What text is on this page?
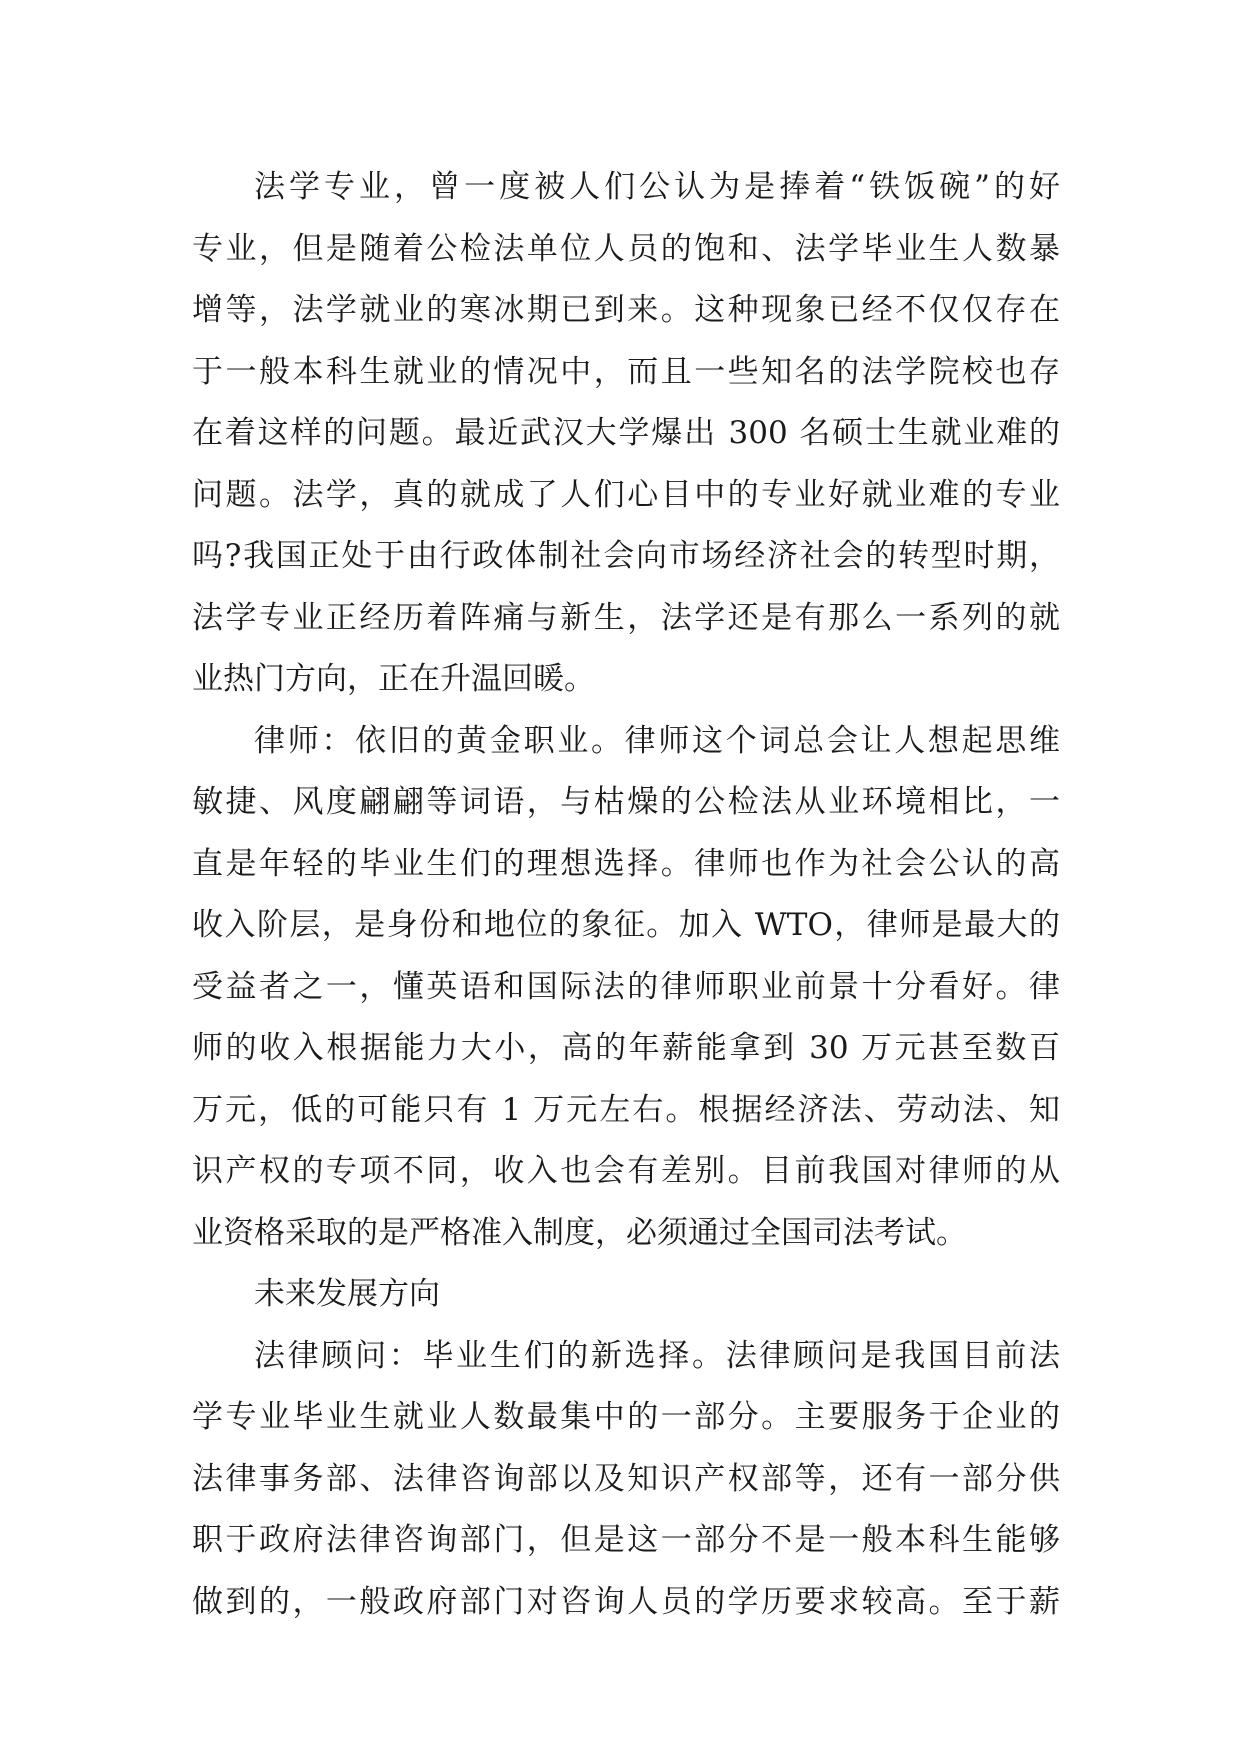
法学专业，曾一度被人们公认为是捧着“铁饭碗”的好
专业，但是随着公检法单位人员的饱和、法学毕业生人数暴
增等，法学就业的寒冰期已到来。这种现象已经不仅仅存在
于一般本科生就业的情况中，而且一些知名的法学院校也存
在着这样的问题。最近武汉大学爆出 300 名硕士生就业难的
问题。法学，真的就成了人们心目中的专业好就业难的专业
吗?我国正处于由行政体制社会向市场经济社会的转型时期，
法学专业正经历着阵痛与新生，法学还是有那么一系列的就
业热门方向，正在升温回暖。
律师：依旧的黄金职业。律师这个词总会让人想起思维
敏捷、风度翩翩等词语，与枯燥的公检法从业环境相比，一
直是年轻的毕业生们的理想选择。律师也作为社会公认的高
收入阶层，是身份和地位的象征。加入 WTO，律师是最大的
受益者之一，懂英语和国际法的律师职业前景十分看好。律
师的收入根据能力大小，高的年薪能拿到 30 万元甚至数百
万元，低的可能只有 1 万元左右。根据经济法、劳动法、知
识产权的专项不同，收入也会有差别。目前我国对律师的从
业资格采取的是严格准入制度，必须通过全国司法考试。
未来发展方向
法律顾问：毕业生们的新选择。法律顾问是我国目前法
学专业毕业生就业人数最集中的一部分。主要服务于企业的
法律事务部、法律咨询部以及知识产权部等，还有一部分供
职于政府法律咨询部门，但是这一部分不是一般本科生能够
做到的，一般政府部门对咨询人员的学历要求较高。至于薪
